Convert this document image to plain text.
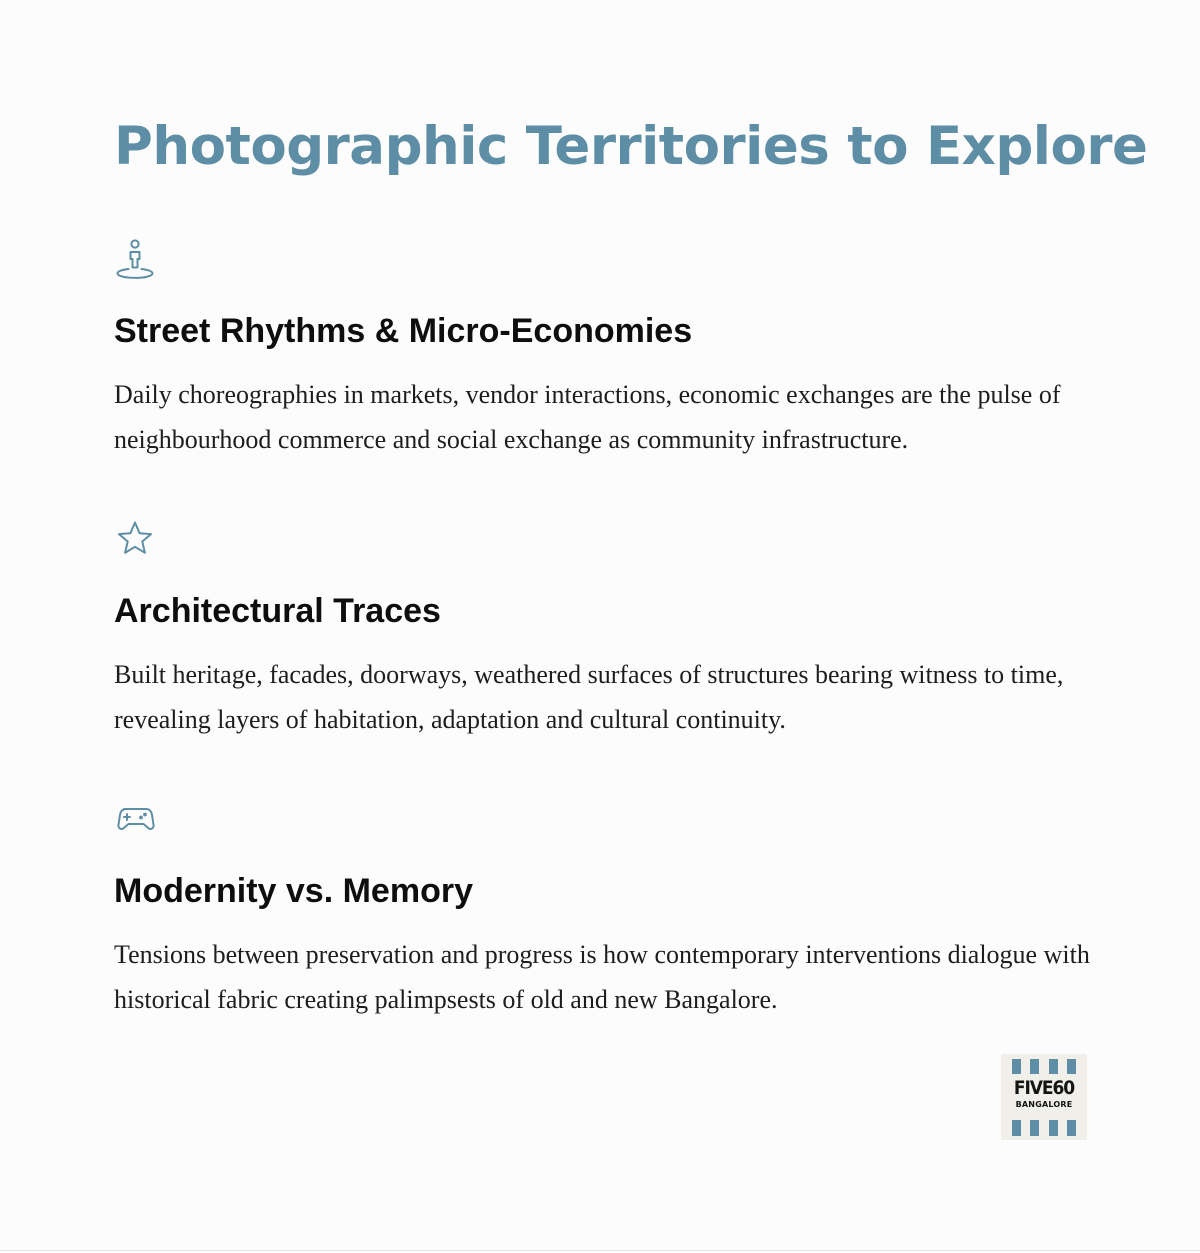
Photographic Territories to Explore
Street Rhythms & Micro-Economies

Daily choreographies in markets, vendor interactions, economic exchanges are the pulse of neighbourhood commerce and social exchange as community infrastructure.

Architectural Traces

Built heritage, facades, doorways, weathered surfaces of structures bearing witness to time, revealing layers of habitation, adaptation and cultural continuity.

Modernity vs. Memory

Tensions between preservation and progress is how contemporary interventions dialogue with historical fabric creating palimpsests of old and new Bangalore.

FIVE60
BANGALORE
